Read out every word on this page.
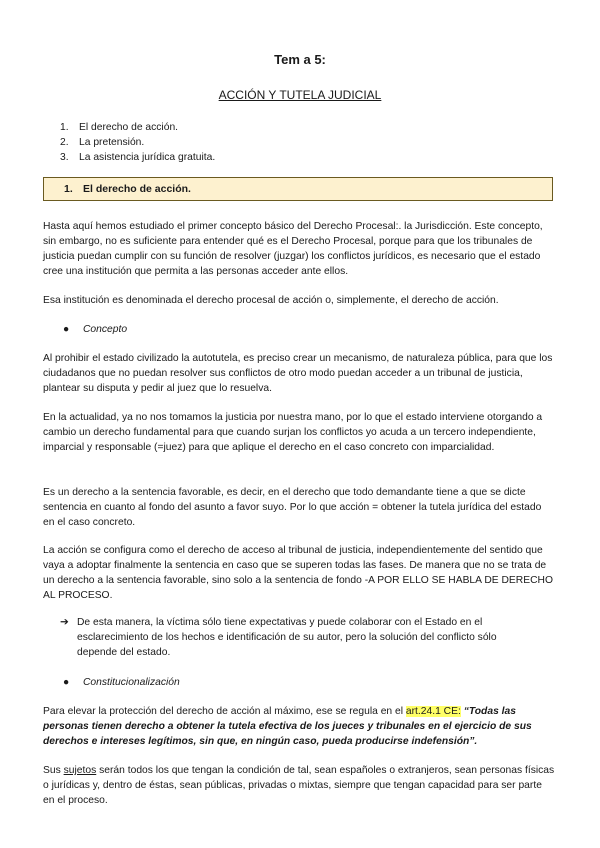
Tem a 5:
ACCIÓN Y TUTELA JUDICIAL
1. El derecho de acción.
2. La pretensión.
3. La asistencia jurídica gratuita.
1. El derecho de acción.

Hasta aquí hemos estudiado el primer concepto básico del Derecho Procesal:. la Jurisdicción. Este concepto, sin embargo, no es suficiente para entender qué es el Derecho Procesal, porque para que los tribunales de justicia puedan cumplir con su función de resolver (juzgar) los conflictos jurídicos, es necesario que el estado cree una institución que permita a las personas acceder ante ellos.

Esa institución es denominada el derecho procesal de acción o, simplemente, el derecho de acción.

● Concepto

Al prohibir el estado civilizado la autotutela, es preciso crear un mecanismo, de naturaleza pública, para que los ciudadanos que no puedan resolver sus conflictos de otro modo puedan acceder a un tribunal de justicia, plantear su disputa y pedir al juez que lo resuelva.

En la actualidad, ya no nos tomamos la justicia por nuestra mano, por lo que el estado interviene otorgando a cambio un derecho fundamental para que cuando surjan los conflictos yo acuda a un tercero independiente, imparcial y responsable (=juez) para que aplique el derecho en el caso concreto con imparcialidad.

Es un derecho a la sentencia favorable, es decir, en el derecho que todo demandante tiene a que se dicte sentencia en cuanto al fondo del asunto a favor suyo. Por lo que acción = obtener la tutela jurídica del estado en el caso concreto.

La acción se configura como el derecho de acceso al tribunal de justicia, independientemente del sentido que vaya a adoptar finalmente la sentencia en caso que se superen todas las fases. De manera que no se trata de un derecho a la sentencia favorable, sino solo a la sentencia de fondo -A POR ELLO SE HABLA DE DERECHO AL PROCESO.

➔ De esta manera, la víctima sólo tiene expectativas y puede colaborar con el Estado en el esclarecimiento de los hechos e identificación de su autor, pero la solución del conflicto sólo depende del estado.
● Constitucionalización

Para elevar la protección del derecho de acción al máximo, ese se regula en el art.24.1 CE: “Todas las personas tienen derecho a obtener la tutela efectiva de los jueces y tribunales en el ejercicio de sus derechos e intereses legítimos, sin que, en ningún caso, pueda producirse indefensión”.

Sus sujetos serán todos los que tengan la condición de tal, sean españoles o extranjeros, sean personas físicas o jurídicas y, dentro de éstas, sean públicas, privadas o mixtas, siempre que tengan capacidad para ser parte en el proceso.
